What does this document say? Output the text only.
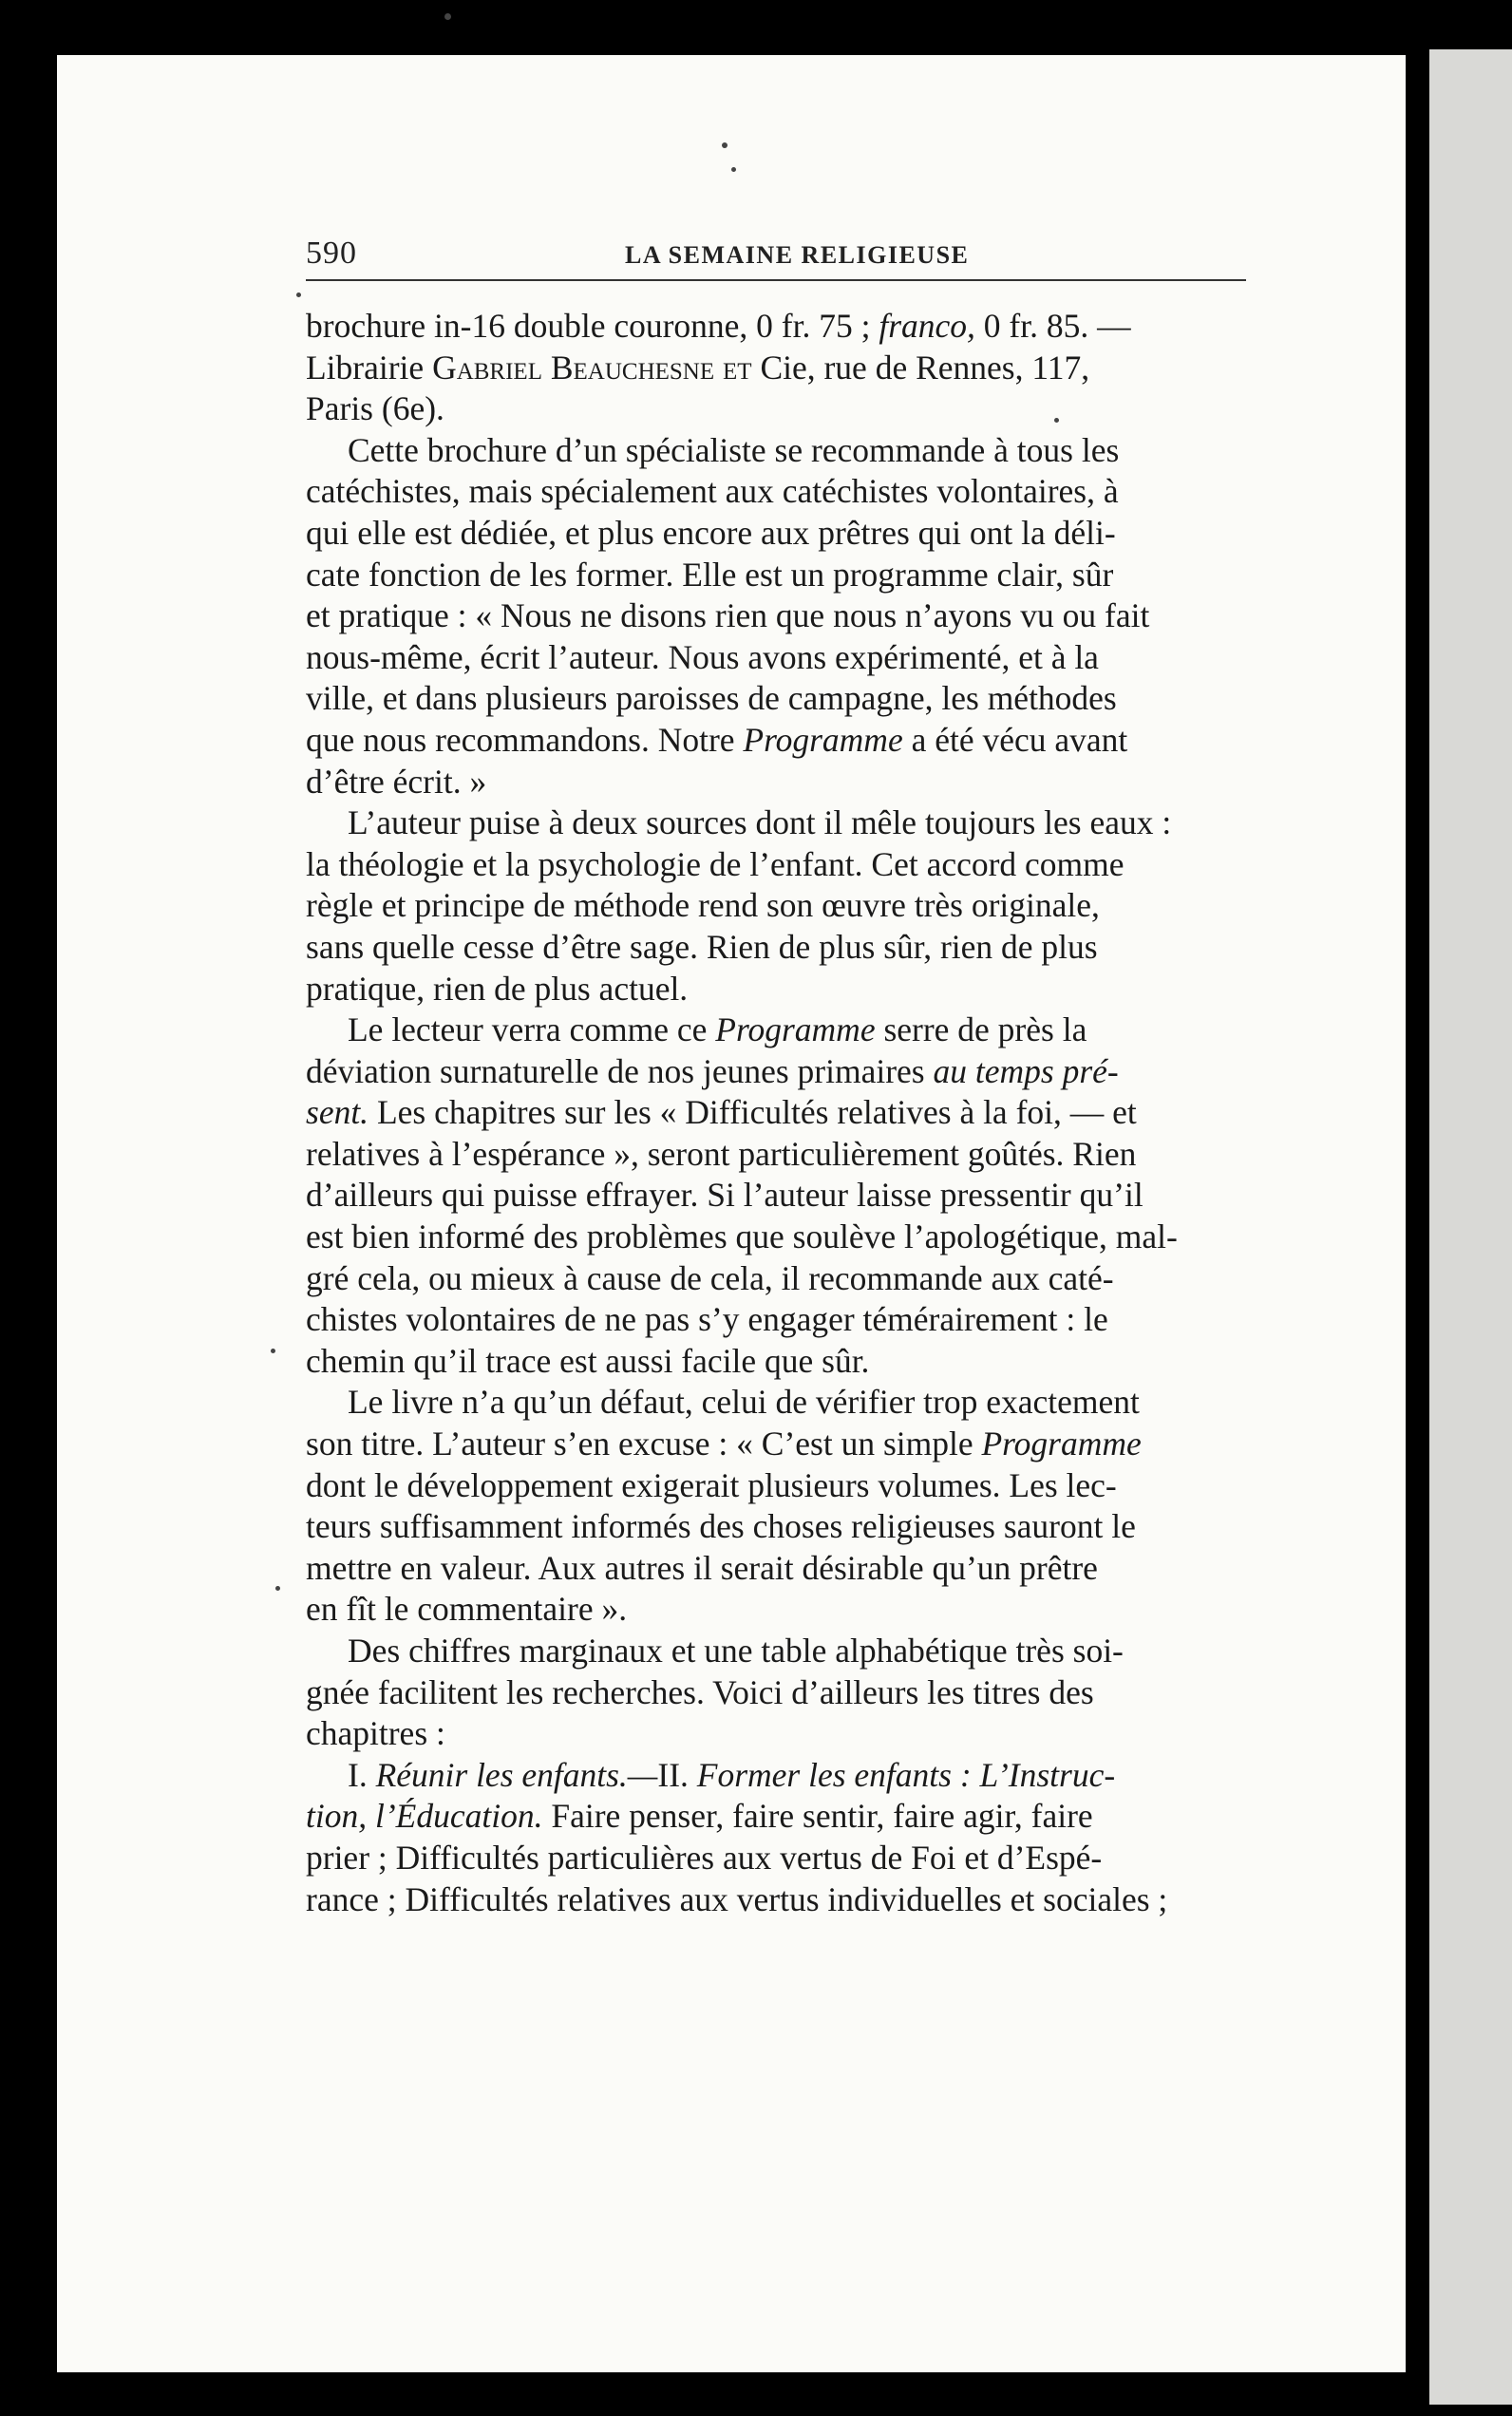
590	LA SEMAINE RELIGIEUSE

brochure in-16 double couronne, 0 fr. 75 ; franco, 0 fr. 85. —
Librairie Gabriel Beauchesne et Cie, rue de Rennes, 117,
Paris (6e).

Cette brochure d’un spécialiste se recommande à tous les
catéchistes, mais spécialement aux catéchistes volontaires, à
qui elle est dédiée, et plus encore aux prêtres qui ont la déli-
cate fonction de les former. Elle est un programme clair, sûr
et pratique : « Nous ne disons rien que nous n’ayons vu ou fait
nous-même, écrit l’auteur. Nous avons expérimenté, et à la
ville, et dans plusieurs paroisses de campagne, les méthodes
que nous recommandons. Notre Programme a été vécu avant
d’être écrit. »

L’auteur puise à deux sources dont il mêle toujours les eaux :
la théologie et la psychologie de l’enfant. Cet accord comme
règle et principe de méthode rend son œuvre très originale,
sans quelle cesse d’être sage. Rien de plus sûr, rien de plus
pratique, rien de plus actuel.

Le lecteur verra comme ce Programme serre de près la
déviation surnaturelle de nos jeunes primaires au temps pré-
sent. Les chapitres sur les « Difficultés relatives à la foi, — et
relatives à l’espérance », seront particulièrement goûtés. Rien
d’ailleurs qui puisse effrayer. Si l’auteur laisse pressentir qu’il
est bien informé des problèmes que soulève l’apologétique, mal-
gré cela, ou mieux à cause de cela, il recommande aux caté-
chistes volontaires de ne pas s’y engager témérairement : le
chemin qu’il trace est aussi facile que sûr.

Le livre n’a qu’un défaut, celui de vérifier trop exactement
son titre. L’auteur s’en excuse : « C’est un simple Programme
dont le développement exigerait plusieurs volumes. Les lec-
teurs suffisamment informés des choses religieuses sauront le
mettre en valeur. Aux autres il serait désirable qu’un prêtre
en fît le commentaire ».

Des chiffres marginaux et une table alphabétique très soi-
gnée facilitent les recherches. Voici d’ailleurs les titres des
chapitres :

I. Réunir les enfants.—II. Former les enfants : L’Instruc-
tion, l’Éducation. Faire penser, faire sentir, faire agir, faire
prier ; Difficultés particulières aux vertus de Foi et d’Espé-
rance ; Difficultés relatives aux vertus individuelles et sociales ;
